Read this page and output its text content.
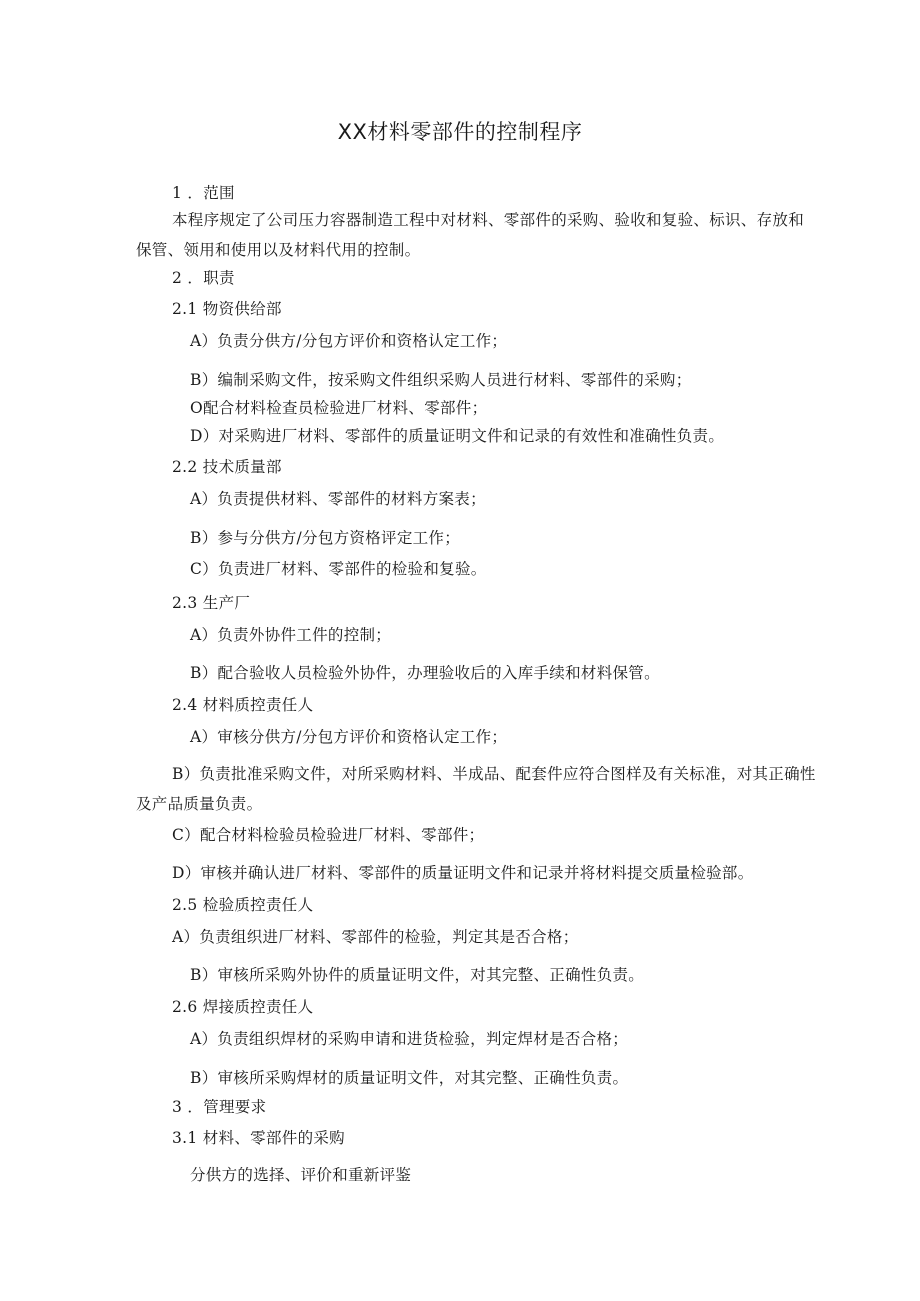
XX材料零部件的控制程序
1 ．范围
本程序规定了公司压力容器制造工程中对材料、零部件的采购、验收和复验、标识、存放和保管、领用和使用以及材料代用的控制。
2 ．职责
2.1 物资供给部
A）负责分供方/分包方评价和资格认定工作；
B）编制采购文件，按采购文件组织采购人员进行材料、零部件的采购；
O配合材料检查员检验进厂材料、零部件；
D）对采购进厂材料、零部件的质量证明文件和记录的有效性和准确性负责。
2.2 技术质量部
A）负责提供材料、零部件的材料方案表；
B）参与分供方/分包方资格评定工作；
C）负责进厂材料、零部件的检验和复验。
2.3 生产厂
A）负责外协件工件的控制；
B）配合验收人员检验外协件，办理验收后的入库手续和材料保管。
2.4 材料质控责任人
A）审核分供方/分包方评价和资格认定工作；
B）负责批准采购文件，对所采购材料、半成品、配套件应符合图样及有关标准，对其正确性及产品质量负责。
C）配合材料检验员检验进厂材料、零部件；
D）审核并确认进厂材料、零部件的质量证明文件和记录并将材料提交质量检验部。
2.5 检验质控责任人
A）负责组织进厂材料、零部件的检验，判定其是否合格；
B）审核所采购外协件的质量证明文件，对其完整、正确性负责。
2.6 焊接质控责任人
A）负责组织焊材的采购申请和进货检验，判定焊材是否合格；
B）审核所采购焊材的质量证明文件，对其完整、正确性负责。
3 ．管理要求
3.1 材料、零部件的采购
分供方的选择、评价和重新评鉴
